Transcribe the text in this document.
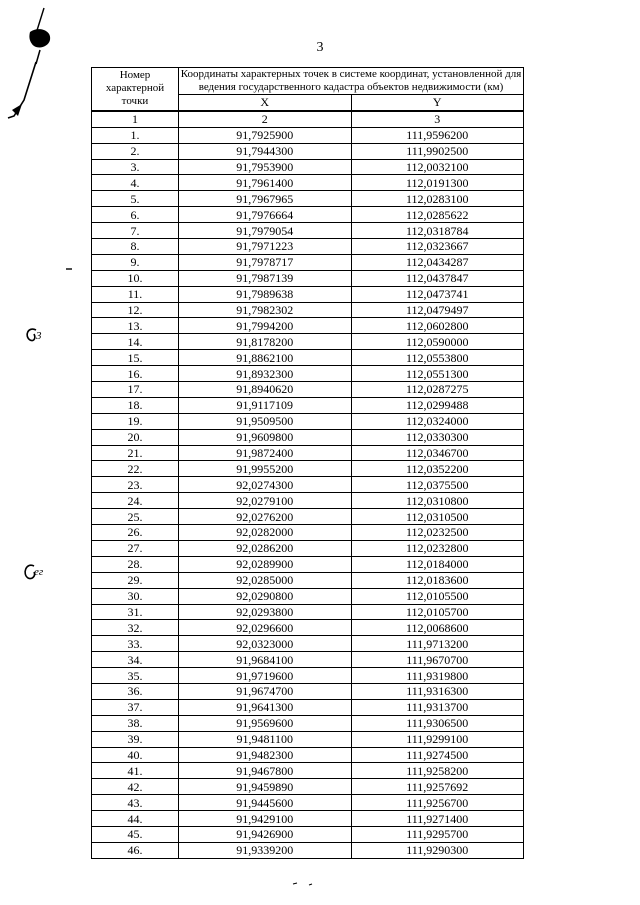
3
3
ег
Номер характерной точки	Координаты характерных точек в системе координат, установленной для ведения государственного кадастра объектов недвижимости (км)	
	X	Y
1	2	3
1.	91,7925900	111,9596200
2.	91,7944300	111,9902500
3.	91,7953900	112,0032100
4.	91,7961400	112,0191300
5.	91,7967965	112,0283100
6.	91,7976664	112,0285622
7.	91,7979054	112,0318784
8.	91,7971223	112,0323667
9.	91,7978717	112,0434287
10.	91,7987139	112,0437847
11.	91,7989638	112,0473741
12.	91,7982302	112,0479497
13.	91,7994200	112,0602800
14.	91,8178200	112,0590000
15.	91,8862100	112,0553800
16.	91,8932300	112,0551300
17.	91,8940620	112,0287275
18.	91,9117109	112,0299488
19.	91,9509500	112,0324000
20.	91,9609800	112,0330300
21.	91,9872400	112,0346700
22.	91,9955200	112,0352200
23.	92,0274300	112,0375500
24.	92,0279100	112,0310800
25.	92,0276200	112,0310500
26.	92,0282000	112,0232500
27.	92,0286200	112,0232800
28.	92,0289900	112,0184000
29.	92,0285000	112,0183600
30.	92,0290800	112,0105500
31.	92,0293800	112,0105700
32.	92,0296600	112,0068600
33.	92,0323000	111,9713200
34.	91,9684100	111,9670700
35.	91,9719600	111,9319800
36.	91,9674700	111,9316300
37.	91,9641300	111,9313700
38.	91,9569600	111,9306500
39.	91,9481100	111,9299100
40.	91,9482300	111,9274500
41.	91,9467800	111,9258200
42.	91,9459890	111,9257692
43.	91,9445600	111,9256700
44.	91,9429100	111,9271400
45.	91,9426900	111,9295700
46.	91,9339200	111,9290300
